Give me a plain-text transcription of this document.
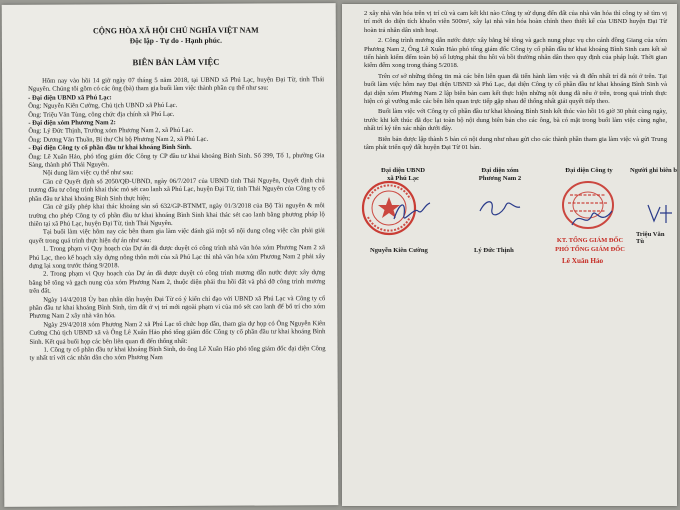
CỘNG HÒA XÃ HỘI CHỦ NGHĨA VIỆT NAM
Độc lập - Tự do - Hạnh phúc.
BIÊN BẢN LÀM VIỆC

Hôm nay vào hồi 14 giờ ngày 07 tháng 5 năm 2018, tại UBND xã Phú Lạc, huyện Đại Từ, tỉnh Thái Nguyên. Chúng tôi gồm có các ông (bà) tham gia buổi làm việc thành phần cụ thể như sau:

- Đại diện UBND xã Phú Lạc:

Ông: Nguyễn Kiên Cường, Chủ tịch UBND xã Phú Lạc.

Ông: Triệu Văn Tùng, công chức địa chính xã Phú Lạc.

- Đại diện xóm Phương Nam 2:

Ông: Lý Đức Thịnh, Trưởng xóm Phương Nam 2, xã Phú Lạc.

Ông: Dương Văn Thuần, Bí thư Chi bộ Phương Nam 2, xã Phú Lạc.

- Đại diện Công ty cổ phần đầu tư khai khoáng Bình Sinh.

Ông: Lê Xuân Hảo, phó tổng giám đốc Công ty CP đầu tư khai khoáng Bình Sinh. Số 399, Tổ 1, phường Gia Sàng, thành phố Thái Nguyên.

Nội dung làm việc cụ thể như sau:

Căn cứ Quyết định số 2050/QĐ-UBND, ngày 06/7/2017 của UBND tỉnh Thái Nguyên, Quyết định chủ trương đầu tư công trình khai thác mỏ sét cao lanh xã Phú Lạc, huyện Đại Từ, tỉnh Thái Nguyên của Công ty cổ phần đầu tư khai khoáng Bình Sinh thực hiện;

Căn cứ giấy phép khai thác khoáng sản số 632/GP-BTNMT, ngày 01/3/2018 của Bộ Tài nguyên & môi trường cho phép Công ty cổ phần đầu tư khai khoáng Bình Sinh khai thác sét cao lanh bằng phương pháp lộ thiên tại xã Phú Lạc, huyện Đại Từ, tỉnh Thái Nguyên.

Tại buổi làm việc hôm nay các bên tham gia làm việc đánh giá một số nội dung công việc cần phải giải quyết trong quá trình thực hiện dự án như sau:

1. Trong phạm vi Quy hoạch của Dự án đã được duyệt có công trình nhà văn hóa xóm Phương Nam 2 xã Phú Lạc, theo kế hoạch xây dựng nông thôn mới của xã Phú Lạc thì nhà văn hóa xóm Phương Nam 2 phải xây dựng lại xong trước tháng 9/2018.

2. Trong phạm vi Quy hoạch của Dự án đã được duyệt có công trình mương dẫn nước được xây dựng bằng bê tông và gạch nung của xóm Phương Nam 2, thuộc diện phải thu hồi đất và phá dỡ công trình mương trên đất.

Ngày 14/4/2018 Ủy ban nhân dân huyện Đại Từ có ý kiến chỉ đạo với UBND xã Phú Lạc và Công ty cổ phần đầu tư khai khoáng Bình Sinh, tìm đất ở vị trí mới ngoài phạm vi của mỏ sét cao lanh để bố trí cho xóm Phương Nam 2 xây nhà văn hóa.

Ngày 29/4/2018 xóm Phương Nam 2 xã Phú Lạc tổ chức họp dân, tham gia dự họp có Ông Nguyễn Kiên Cường Chủ tịch UBND xã và Ông Lê Xuân Hảo phó tổng giám đốc Công ty cổ phần đầu tư khai khoáng Bình Sinh. Kết quả buổi họp các bên liên quan đi đến thống nhất:

1. Công ty cổ phần đầu tư khai khoáng Bình Sinh, do ông Lê Xuân Hảo phó tổng giám đốc đại diện Công ty nhất trí với các nhân dân cho xóm Phương Nam

2 xây nhà văn hóa trên vị trí cũ và cam kết khi nào Công ty sử dụng đến đất của nhà văn hóa thì công ty sẽ tìm vị trí mới do diện tích khuôn viên 500m², xây lại nhà văn hóa hoàn chỉnh theo thiết kế của UBND huyện Đại Từ hoàn trả nhân dân sinh hoạt.

2. Công trình mương dẫn nước được xây bằng bê tông và gạch nung phục vụ cho cánh đồng Giang của xóm Phương Nam 2, Ông Lê Xuân Hảo phó tổng giám đốc Công ty cổ phần đầu tư khai khoáng Bình Sinh cam kết sẽ tiến hành kiểm đếm toàn bộ số lượng phải thu hồi và bồi thường nhân dân theo quy định của pháp luật. Thời gian kiểm đếm xong trong tháng 5/2018.

Trên cơ sở những thông tin mà các bên liên quan đã tiến hành làm việc và đi đến nhất trí đã nói ở trên. Tại buổi làm việc hôm nay Đại diện UBND xã Phú Lạc, đại diện Công ty cổ phần đầu tư khai khoáng Bình Sinh và đại diện xóm Phương Nam 2 lập biên bản cam kết thực hiện những nội dung đã nêu ở trên, trong quá trình thực hiện có gì vướng mắc các bên liên quan trực tiếp gặp nhau để thống nhất giải quyết tiếp theo.

Buổi làm việc với Công ty cổ phần đầu tư khai khoáng Bình Sinh kết thúc vào hồi 16 giờ 30 phút cùng ngày, trước khi kết thúc đã đọc lại toàn bộ nội dung biên bản cho các ông, bà có mặt trong buổi làm việc cùng nghe, nhất trí ký tên xác nhận dưới đây.

Biên bản được lập thành 5 bản có nội dung như nhau gửi cho các thành phần tham gia làm việc và gửi Trung tâm phát triển quỹ đất huyện Đại Từ 01 bản.

Đại diện UBND
xã Phú Lạc
Nguyễn Kiên Cường
Đại diện xóm
Phương Nam 2
Lý Đức Thịnh
Đại diện Công ty
KT. TỔNG GIÁM ĐỐC
PHÓ TỔNG GIÁM ĐỐC
Lê Xuân Hảo
Người ghi biên b
Triệu Văn Tù
